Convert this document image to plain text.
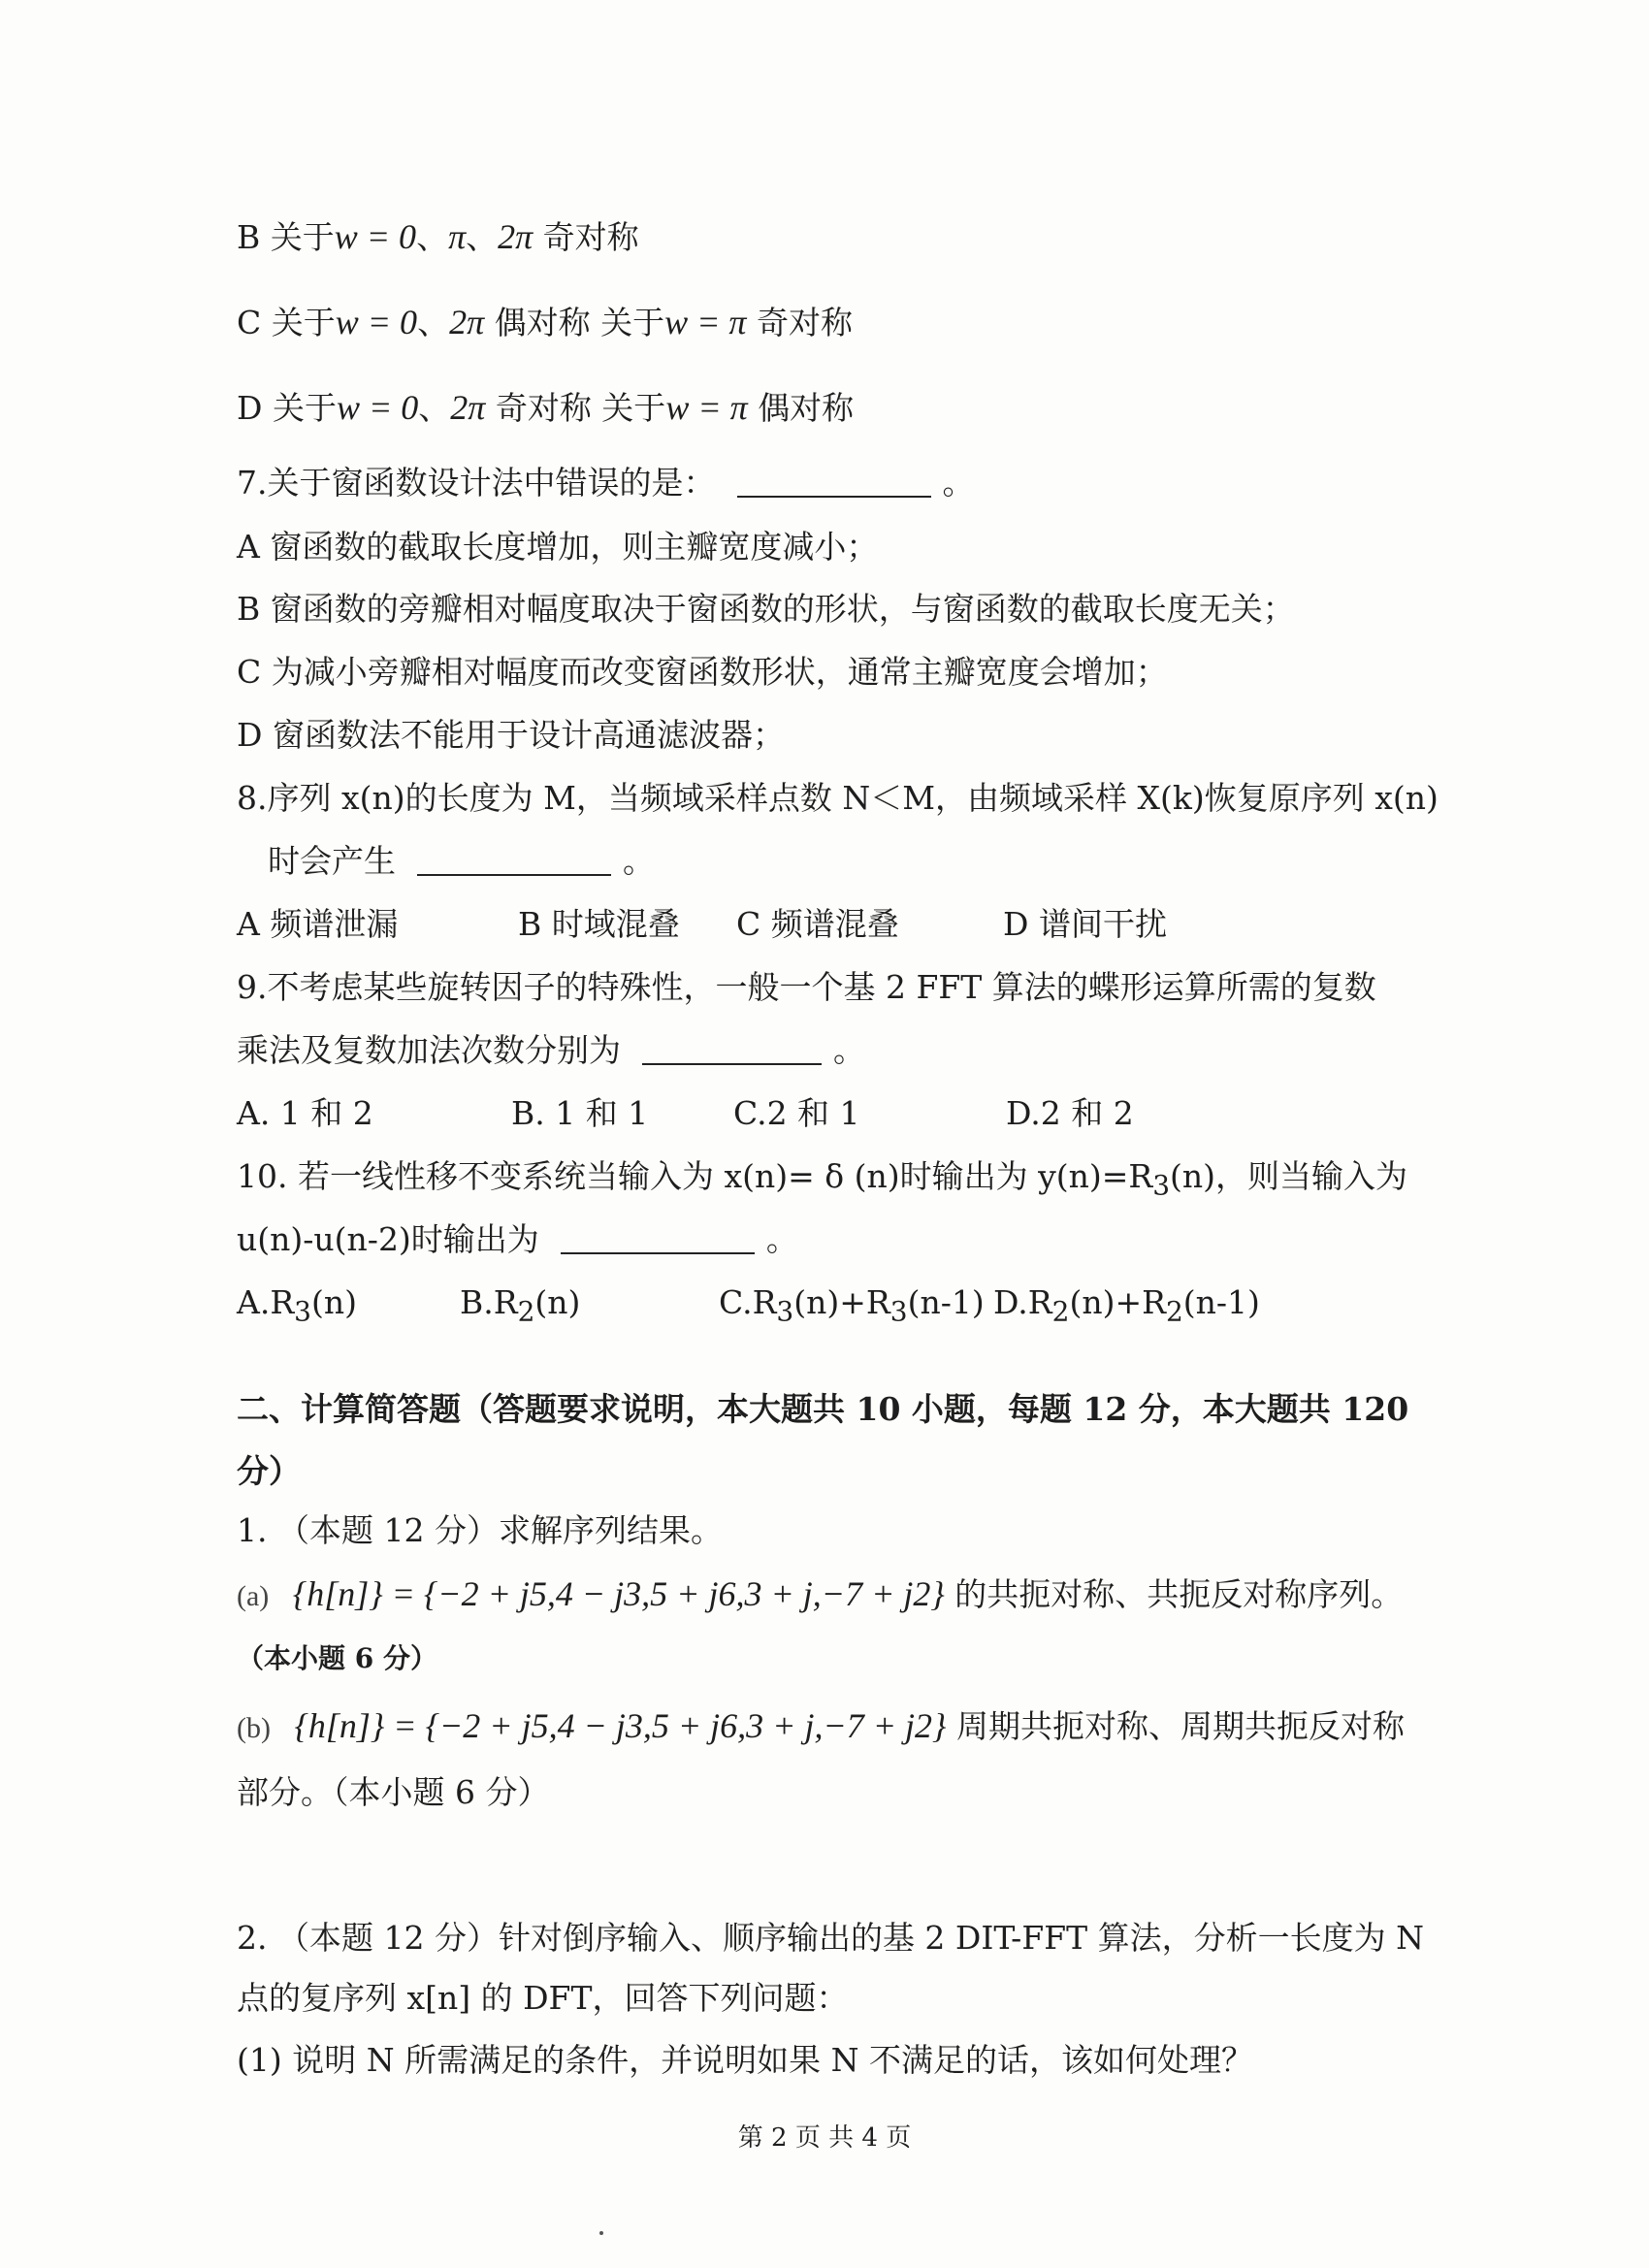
B 关于w = 0、π、2π 奇对称
C 关于w = 0、2π 偶对称 关于w = π 奇对称
D 关于w = 0、2π 奇对称 关于w = π 偶对称
7.关于窗函数设计法中错误的是：	。
A 窗函数的截取长度增加，则主瓣宽度减小；
B 窗函数的旁瓣相对幅度取决于窗函数的形状，与窗函数的截取长度无关；
C 为减小旁瓣相对幅度而改变窗函数形状，通常主瓣宽度会增加；
D 窗函数法不能用于设计高通滤波器；
8.序列 x(n)的长度为 M，当频域采样点数 N＜M，由频域采样 X(k)恢复原序列 x(n)
时会产生	。
A 频谱泄漏	B 时域混叠 C 频谱混叠	D 谱间干扰
9.不考虑某些旋转因子的特殊性，一般一个基 2 FFT 算法的蝶形运算所需的复数
乘法及复数加法次数分别为	。
A. 1 和 2	B. 1 和 1	C.2 和 1	D.2 和 2
10. 若一线性移不变系统当输入为 x(n)= δ (n)时输出为 $y(n)=R_3(n)$，则当输入为
u(n)-u(n-2)时输出为	。
$A.R_3(n)$	$B.R_2(n)$	$C.R_3(n)+R_3(n-1)$ $D.R_2(n)+R_2(n-1)$
二、计算简答题（答题要求说明，本大题共 10 小题，每题 12 分，本大题共 120
分）
1. （本题 12 分）求解序列结果。
(a) {h[n]} = {−2 + j5,4 − j3,5 + j6,3 + j,−7 + j2} 的共扼对称、共扼反对称序列。
（本小题 6 分）
(b) {h[n]} = {−2 + j5,4 − j3,5 + j6,3 + j,−7 + j2} 周期共扼对称、周期共扼反对称
部分。（本小题 6 分）
2. （本题 12 分）针对倒序输入、顺序输出的基 2 DIT-FFT 算法，分析一长度为 N
点的复序列 x[n] 的 DFT，回答下列问题：
(1) 说明 N 所需满足的条件，并说明如果 N 不满足的话，该如何处理？
第 2 页 共 4 页
